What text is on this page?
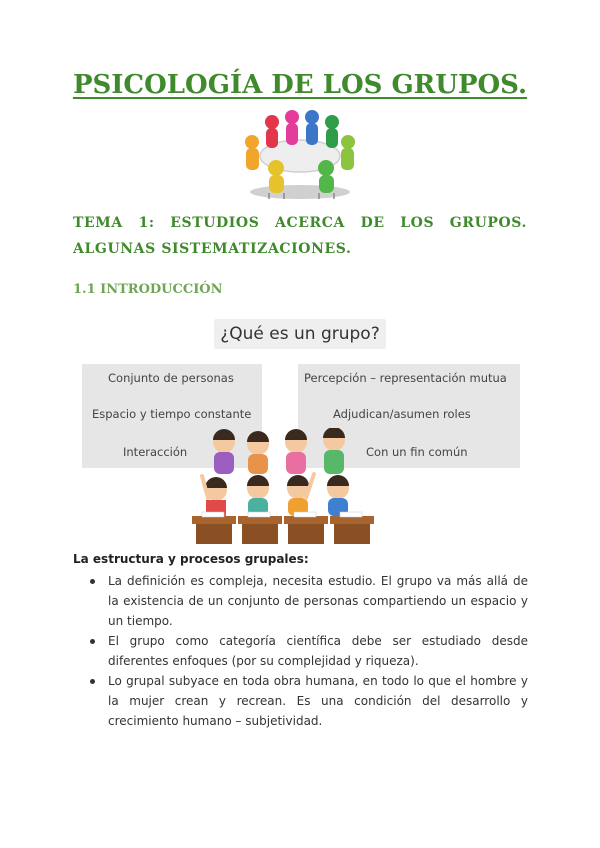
PSICOLOGÍA DE LOS GRUPOS.
TEMA 1: ESTUDIOS ACERCA DE LOS GRUPOS. ALGUNAS SISTEMATIZACIONES.
1.1 INTRODUCCIÓN
¿Qué es un grupo?
Conjunto de personas
Espacio y tiempo constante
Interacción
Percepción – representación mutua
Adjudican/asumen roles
Con un fin común
La estructura y procesos grupales:
La definición es compleja, necesita estudio. El grupo va más allá de la existencia de un conjunto de personas compartiendo un espacio y un tiempo.
El grupo como categoría científica debe ser estudiado desde diferentes enfoques (por su complejidad y riqueza).
Lo grupal subyace en toda obra humana, en todo lo que el hombre y la mujer crean y recrean. Es una condición del desarrollo y crecimiento humano – subjetividad.
